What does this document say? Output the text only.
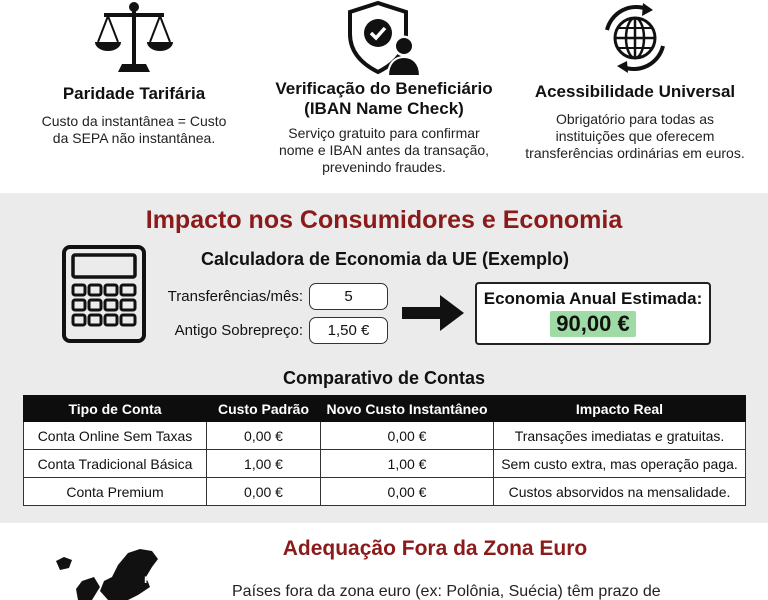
Paridade Tarifária
Custo da instantânea = Custo
da SEPA não instantânea.
Verificação do Beneficiário
(IBAN Name Check)
Serviço gratuito para confirmar
nome e IBAN antes da transação,
prevenindo fraudes.
Acessibilidade Universal
Obrigatório para todas as
instituições que oferecem
transferências ordinárias em euros.
Impacto nos Consumidores e Economia
Calculadora de Economia da UE (Exemplo)
Transferências/mês:	5
Antigo Sobrepreço:	1,50 €
Economia Anual Estimada:
90,00 €
Comparativo de Contas
Tipo de Conta	Custo Padrão	Novo Custo Instantâneo	Impacto Real
Conta Online Sem Taxas	0,00 €	0,00 €	Transações imediatas e gratuitas.
Conta Tradicional Básica	1,00 €	1,00 €	Sem custo extra, mas operação paga.
Conta Premium	0,00 €	0,00 €	Custos absorvidos na mensalidade.
Fi
Adequação Fora da Zona Euro
Países fora da zona euro (ex: Polônia, Suécia) têm prazo de
